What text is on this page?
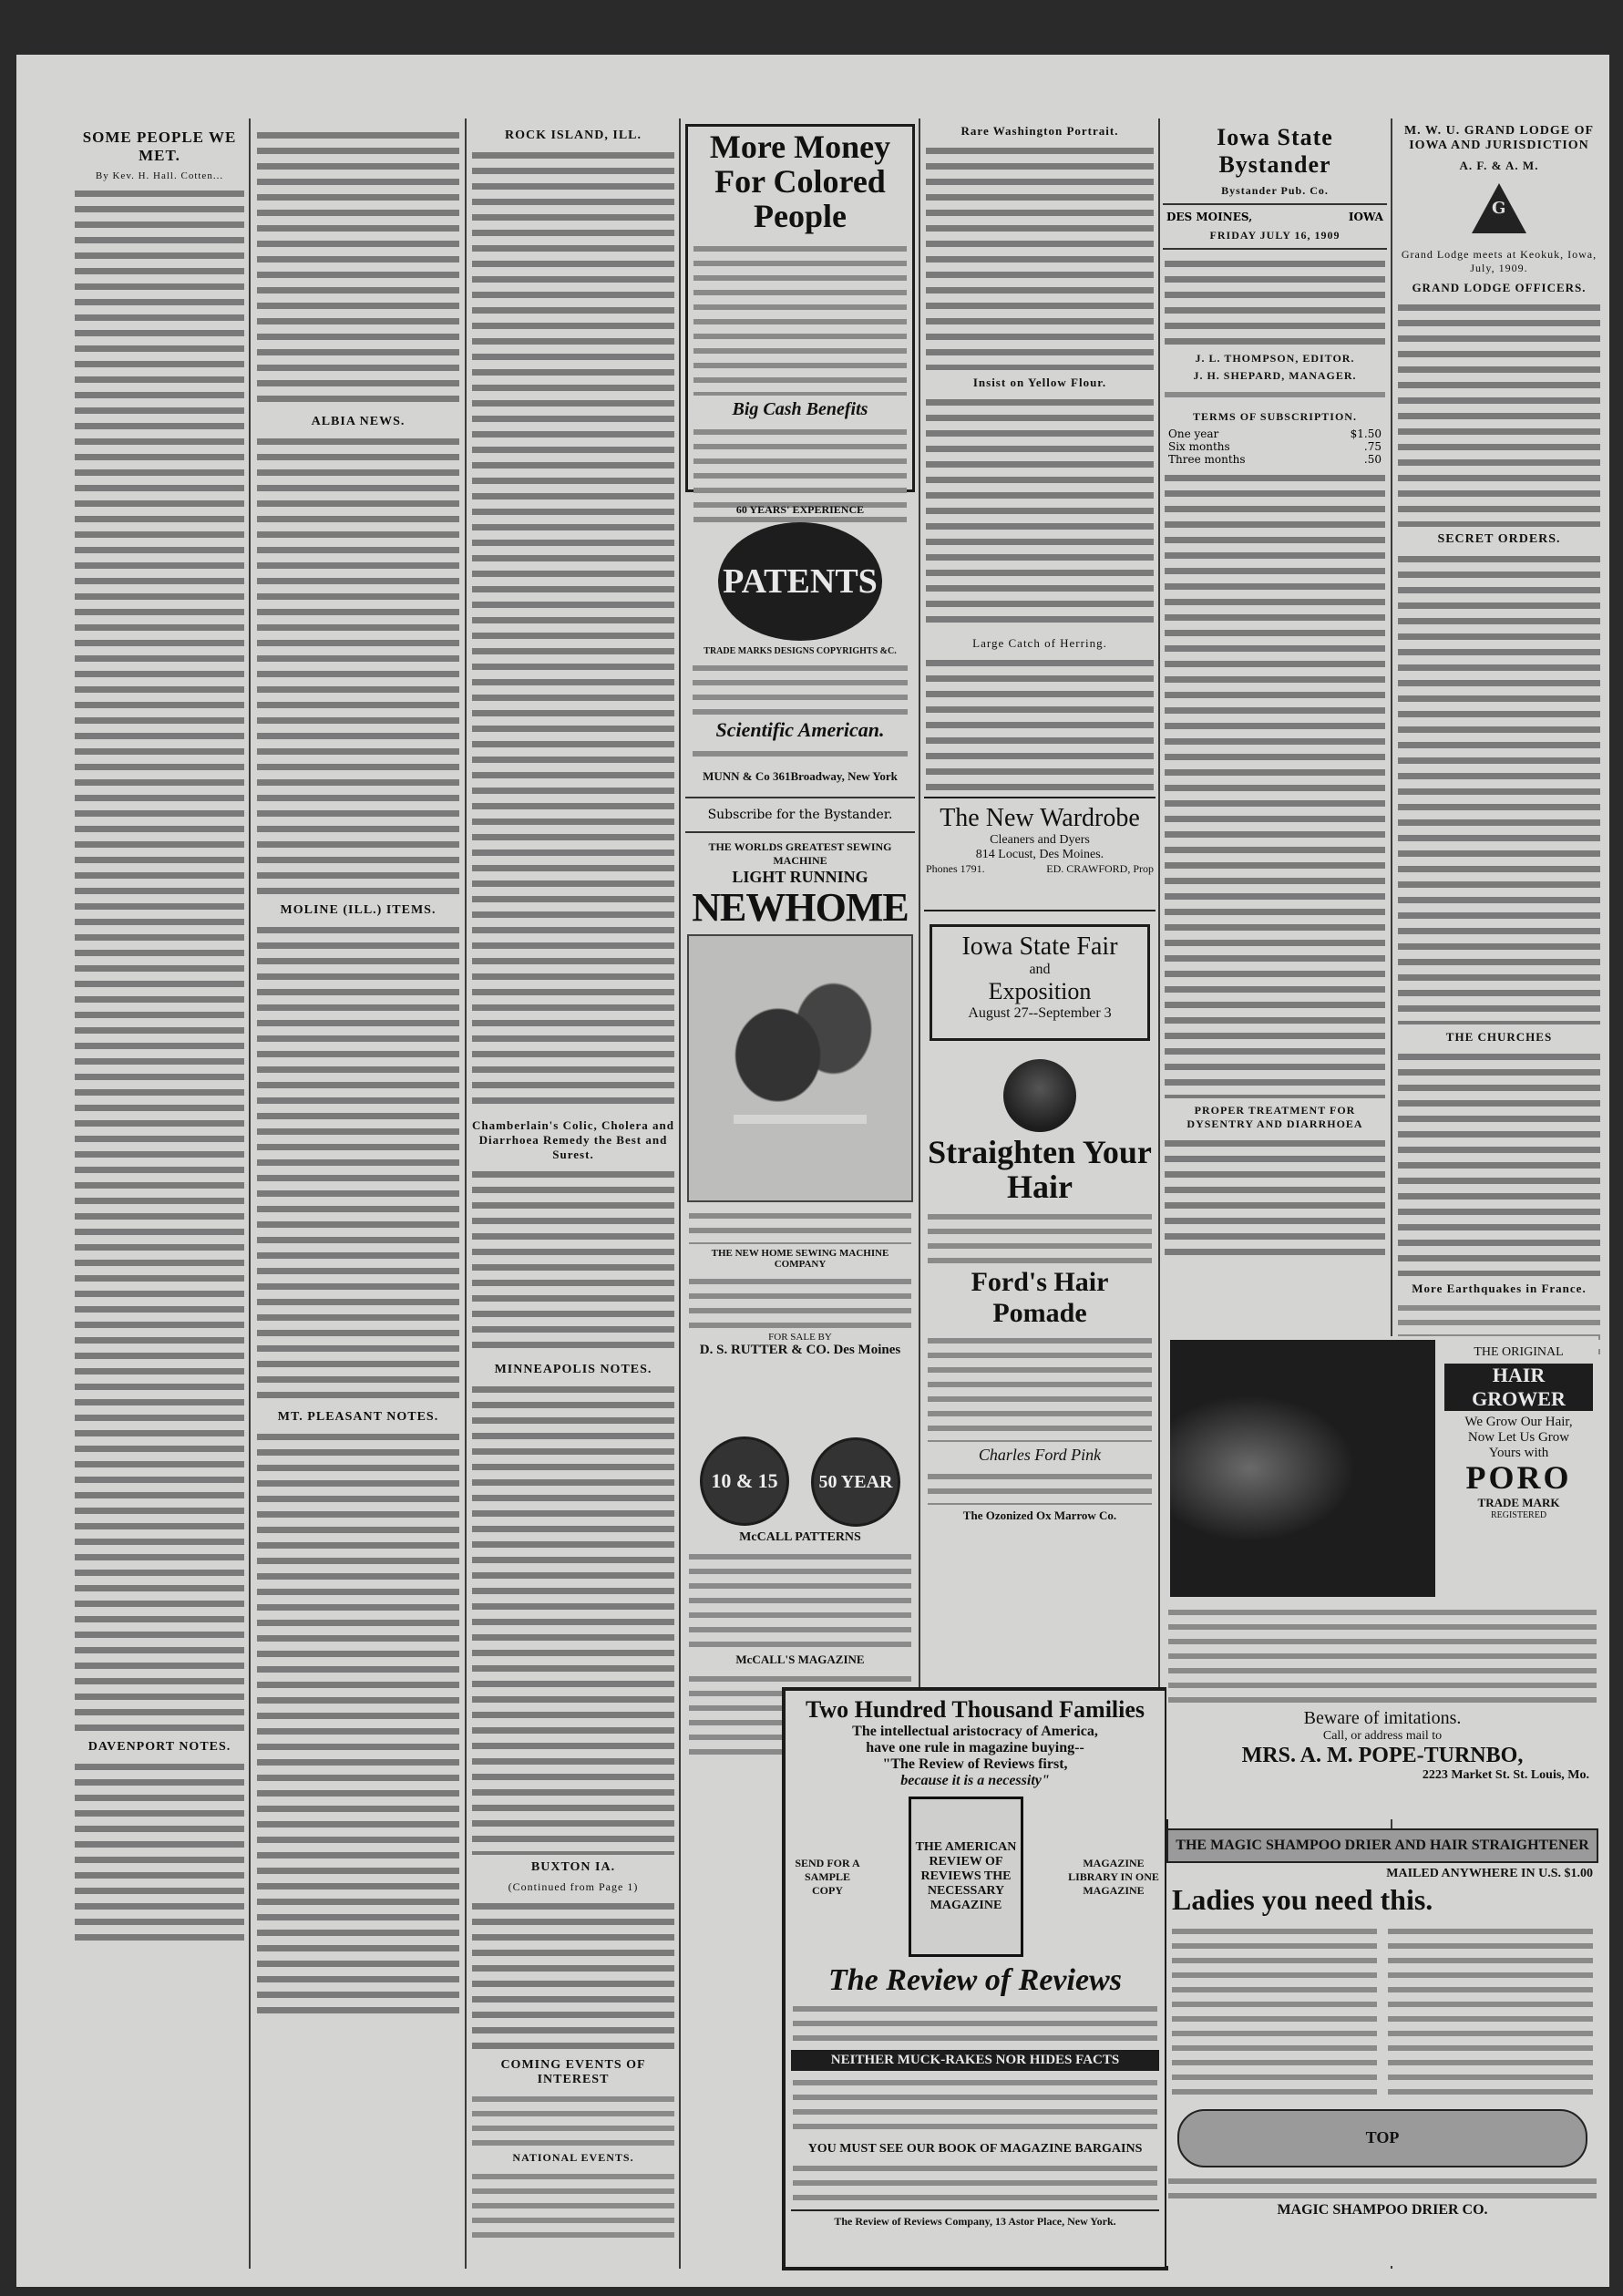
SOME PEOPLE WE MET.
By Kev. H. Hall. Cotten...
DAVENPORT NOTES.
ALBIA NEWS.
MOLINE (ILL.) ITEMS.
MT. PLEASANT NOTES.
ROCK ISLAND, ILL.
Chamberlain's Colic, Cholera and Diarrhoea Remedy the Best and Surest.
MINNEAPOLIS NOTES.
BUXTON IA.
(Continued from Page 1)
COMING EVENTS OF INTEREST
NATIONAL EVENTS.
More Money For Colored People
Big Cash Benefits
60 YEARS' EXPERIENCE
PATENTS
TRADE MARKS DESIGNS COPYRIGHTS &C.
Scientific American.
MUNN & Co 361Broadway, New York
Subscribe for the Bystander.
THE WORLDS GREATEST SEWING MACHINE
LIGHT RUNNING
NEWHOME
THE NEW HOME SEWING MACHINE COMPANY
FOR SALE BY
D. S. RUTTER & CO. Des Moines
10 & 15 50 YEAR
McCALL PATTERNS
McCALL'S MAGAZINE
Rare Washington Portrait.
Insist on Yellow Flour.
Large Catch of Herring.
The New Wardrobe
Cleaners and Dyers
814 Locust, Des Moines.
Phones 1791.	ED. CRAWFORD, Prop
Iowa State Fair
and
Exposition
August 27--September 3
Straighten Your Hair
Ford's Hair Pomade
Charles Ford Pink
The Ozonized Ox Marrow Co.
Two Hundred Thousand Families
The intellectual aristocracy of America,
have one rule in magazine buying--
"The Review of Reviews first,
because it is a necessity"
SEND FOR A SAMPLE COPY
THE AMERICAN REVIEW OF REVIEWS THE NECESSARY MAGAZINE
MAGAZINE LIBRARY IN ONE MAGAZINE
The Review of Reviews
NEITHER MUCK-RAKES NOR HIDES FACTS
YOU MUST SEE OUR BOOK OF MAGAZINE BARGAINS
The Review of Reviews Company, 13 Astor Place, New York.
Iowa State Bystander
Bystander Pub. Co.
DES MOINES,	IOWA
FRIDAY JULY 16, 1909
J. L. THOMPSON, EDITOR.
J. H. SHEPARD, MANAGER.
TERMS OF SUBSCRIPTION.
One year	$1.50
Six months	.75
Three months	.50
PROPER TREATMENT FOR DYSENTRY AND DIARRHOEA
M. W. U. GRAND LODGE OF IOWA AND JURISDICTION
A. F. & A. M.
G
Grand Lodge meets at Keokuk, Iowa, July, 1909.
GRAND LODGE OFFICERS.
SECRET ORDERS.
THE CHURCHES
More Earthquakes in France.
THE ORIGINAL
HAIR GROWER
We Grow Our Hair,
Now Let Us Grow
Yours with
PORO
TRADE MARK
REGISTERED
Beware of imitations.
Call, or address mail to
MRS. A. M. POPE-TURNBO,
2223 Market St. St. Louis, Mo.
THE MAGIC SHAMPOO DRIER AND HAIR STRAIGHTENER
MAILED ANYWHERE IN U.S. $1.00
Ladies you need this.
TOP
MAGIC SHAMPOO DRIER CO.
